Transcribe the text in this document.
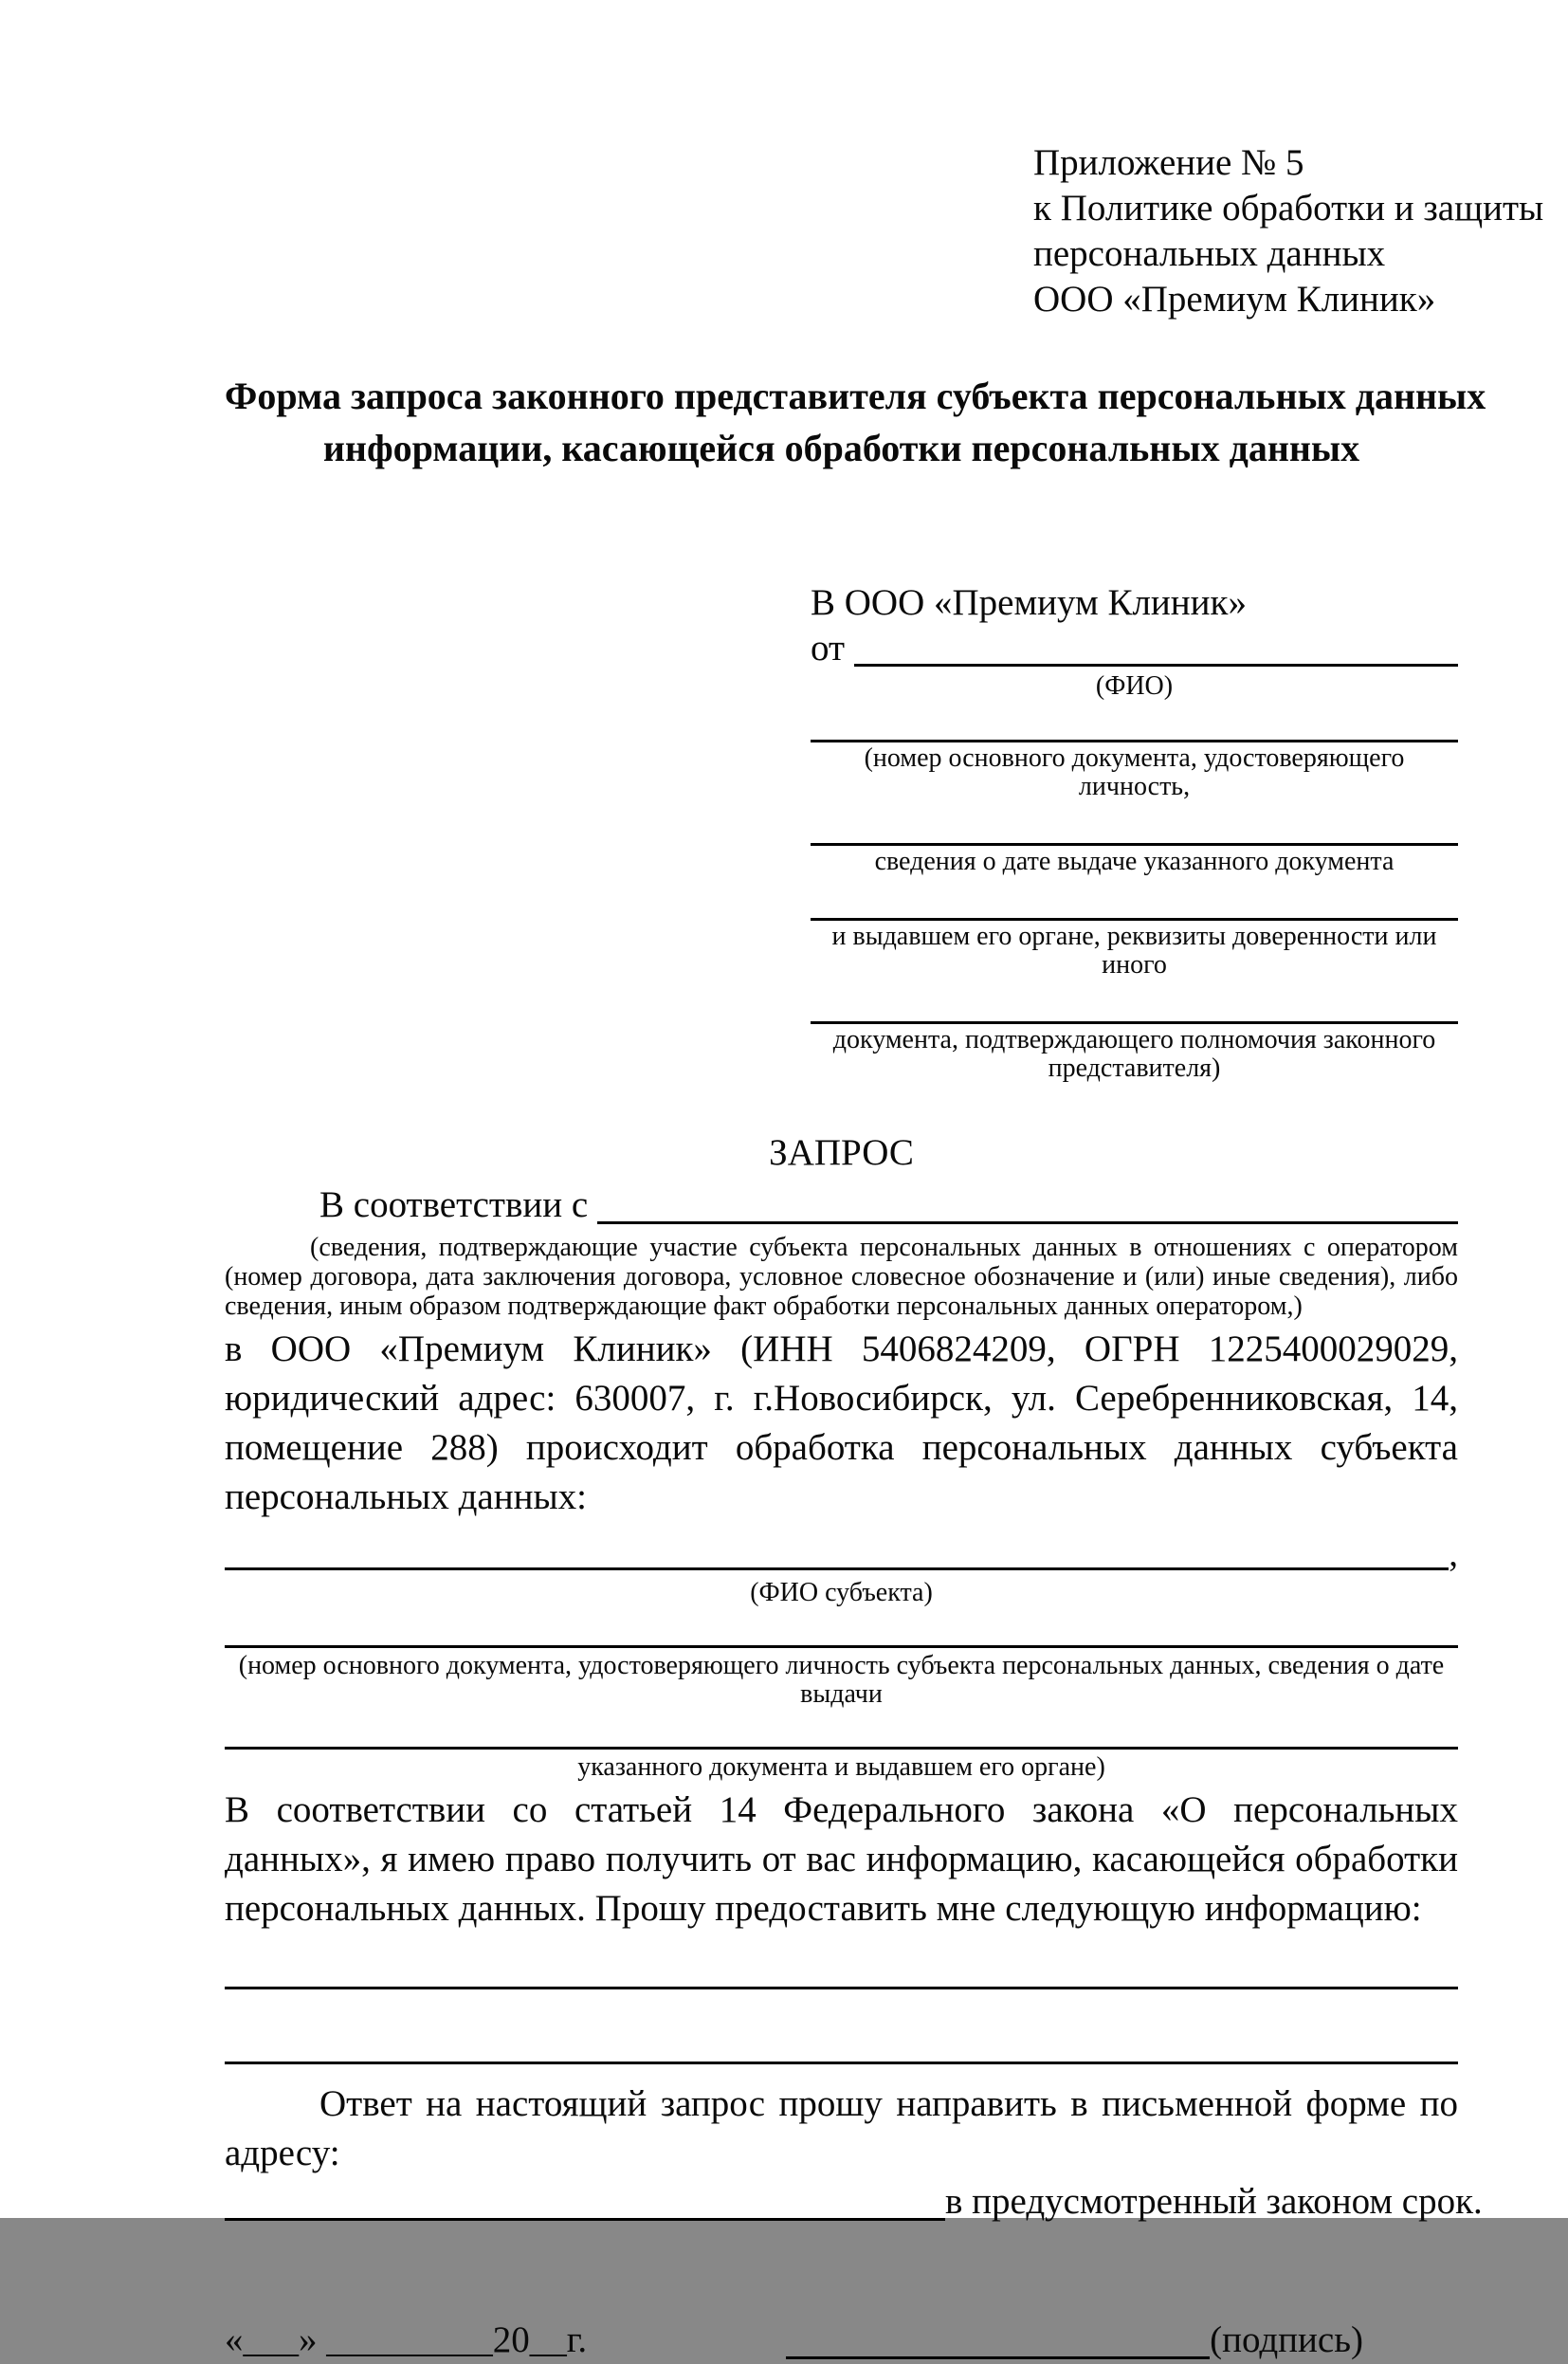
Приложение № 5
к Политике обработки и защиты
персональных данных
ООО «Премиум Клиник»
Форма запроса законного представителя субъекта персональных данных
информации, касающейся обработки персональных данных
В ООО «Премиум Клиник»
от
(ФИО)
(номер основного документа, удостоверяющего личность,
сведения о дате выдаче указанного документа
и выдавшем его органе, реквизиты доверенности или иного
документа, подтверждающего полномочия законного представителя)
ЗАПРОС
В соответствии с
(сведения, подтверждающие участие субъекта персональных данных в отношениях с оператором (номер договора, дата заключения договора, условное словесное обозначение и (или) иные сведения), либо сведения, иным образом подтверждающие факт обработки персональных данных оператором,)
в ООО «Премиум Клиник» (ИНН 5406824209, ОГРН 1225400029029, юридический адрес: 630007, г. г.Новосибирск, ул. Серебренниковская, 14, помещение 288) происходит обработка персональных данных субъекта персональных данных:
,
(ФИО субъекта)
(номер основного документа, удостоверяющего личность субъекта персональных данных, сведения о дате выдачи
указанного документа и выдавшем его органе)
В соответствии со статьей 14 Федерального закона «О персональных данных», я имею право получить от вас информацию, касающейся обработки персональных данных. Прошу предоставить мне следующую информацию:
Ответ на настоящий запрос прошу направить в письменной форме по адресу:
в предусмотренный законом срок.
«___» _________20__г.	(подпись)
